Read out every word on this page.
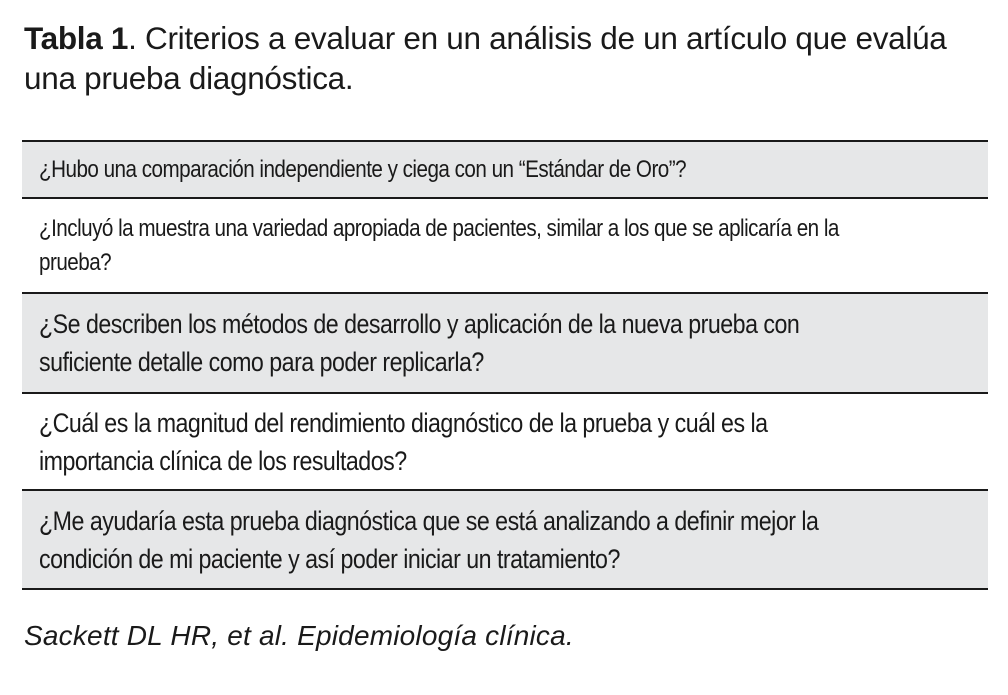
Tabla 1. Criterios a evaluar en un análisis de un artículo que evalúa una prueba diagnóstica.
¿Hubo una comparación independiente y ciega con un “Estándar de Oro”?
¿Incluyó la muestra una variedad apropiada de pacientes, similar a los que se aplicaría en la prueba?
¿Se describen los métodos de desarrollo y aplicación de la nueva prueba con suficiente detalle como para poder replicarla?
¿Cuál es la magnitud del rendimiento diagnóstico de la prueba y cuál es la importancia clínica de los resultados?
¿Me ayudaría esta prueba diagnóstica que se está analizando a definir mejor la condición de mi paciente y así poder iniciar un tratamiento?
Sackett DL HR, et al. Epidemiología clínica.
